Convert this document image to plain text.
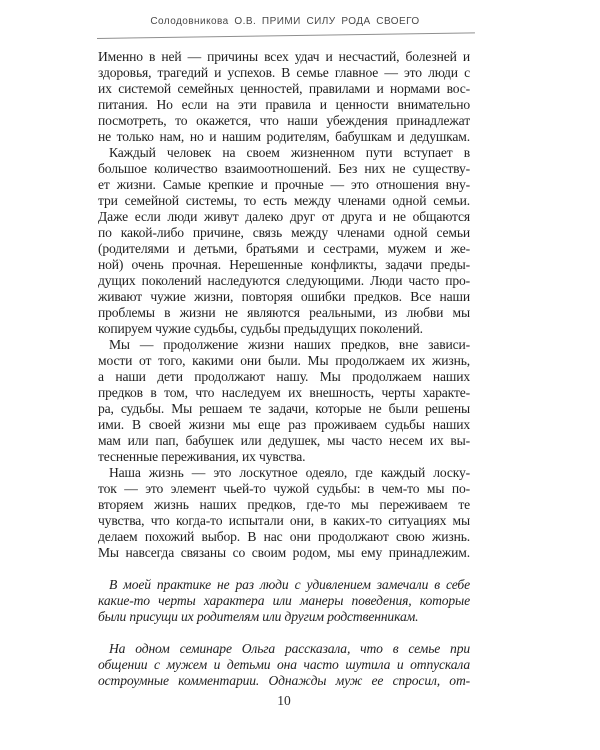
Солодовникова О.В. ПРИМИ СИЛУ РОДА СВОЕГО
Именно в ней — причины всех удач и несчастий, болезней и
здоровья, трагедий и успехов. В семье главное — это люди с
их системой семейных ценностей, правилами и нормами вос-
питания. Но если на эти правила и ценности внимательно
посмотреть, то окажется, что наши убеждения принадлежат
не только нам, но и нашим родителям, бабушкам и дедушкам.
Каждый человек на своем жизненном пути вступает в
большое количество взаимоотношений. Без них не существу-
ет жизни. Самые крепкие и прочные — это отношения вну-
три семейной системы, то есть между членами одной семьи.
Даже если люди живут далеко друг от друга и не общаются
по какой-либо причине, связь между членами одной семьи
(родителями и детьми, братьями и сестрами, мужем и же-
ной) очень прочная. Нерешенные конфликты, задачи преды-
дущих поколений наследуются следующими. Люди часто про-
живают чужие жизни, повторяя ошибки предков. Все наши
проблемы в жизни не являются реальными, из любви мы
копируем чужие судьбы, судьбы предыдущих поколений.
Мы — продолжение жизни наших предков, вне зависи-
мости от того, какими они были. Мы продолжаем их жизнь,
а наши дети продолжают нашу. Мы продолжаем наших
предков в том, что наследуем их внешность, черты характе-
ра, судьбы. Мы решаем те задачи, которые не были решены
ими. В своей жизни мы еще раз проживаем судьбы наших
мам или пап, бабушек или дедушек, мы часто несем их вы-
тесненные переживания, их чувства.
Наша жизнь — это лоскутное одеяло, где каждый лоску-
ток — это элемент чьей-то чужой судьбы: в чем-то мы по-
вторяем жизнь наших предков, где-то мы переживаем те
чувства, что когда-то испытали они, в каких-то ситуациях мы
делаем похожий выбор. В нас они продолжают свою жизнь.
Мы навсегда связаны со своим родом, мы ему принадлежим.
В моей практике не раз люди с удивлением замечали в себе
какие-то черты характера или манеры поведения, которые
были присущи их родителям или другим родственникам.
На одном семинаре Ольга рассказала, что в семье при
общении с мужем и детьми она часто шутила и отпускала
остроумные комментарии. Однажды муж ее спросил, от-
10
